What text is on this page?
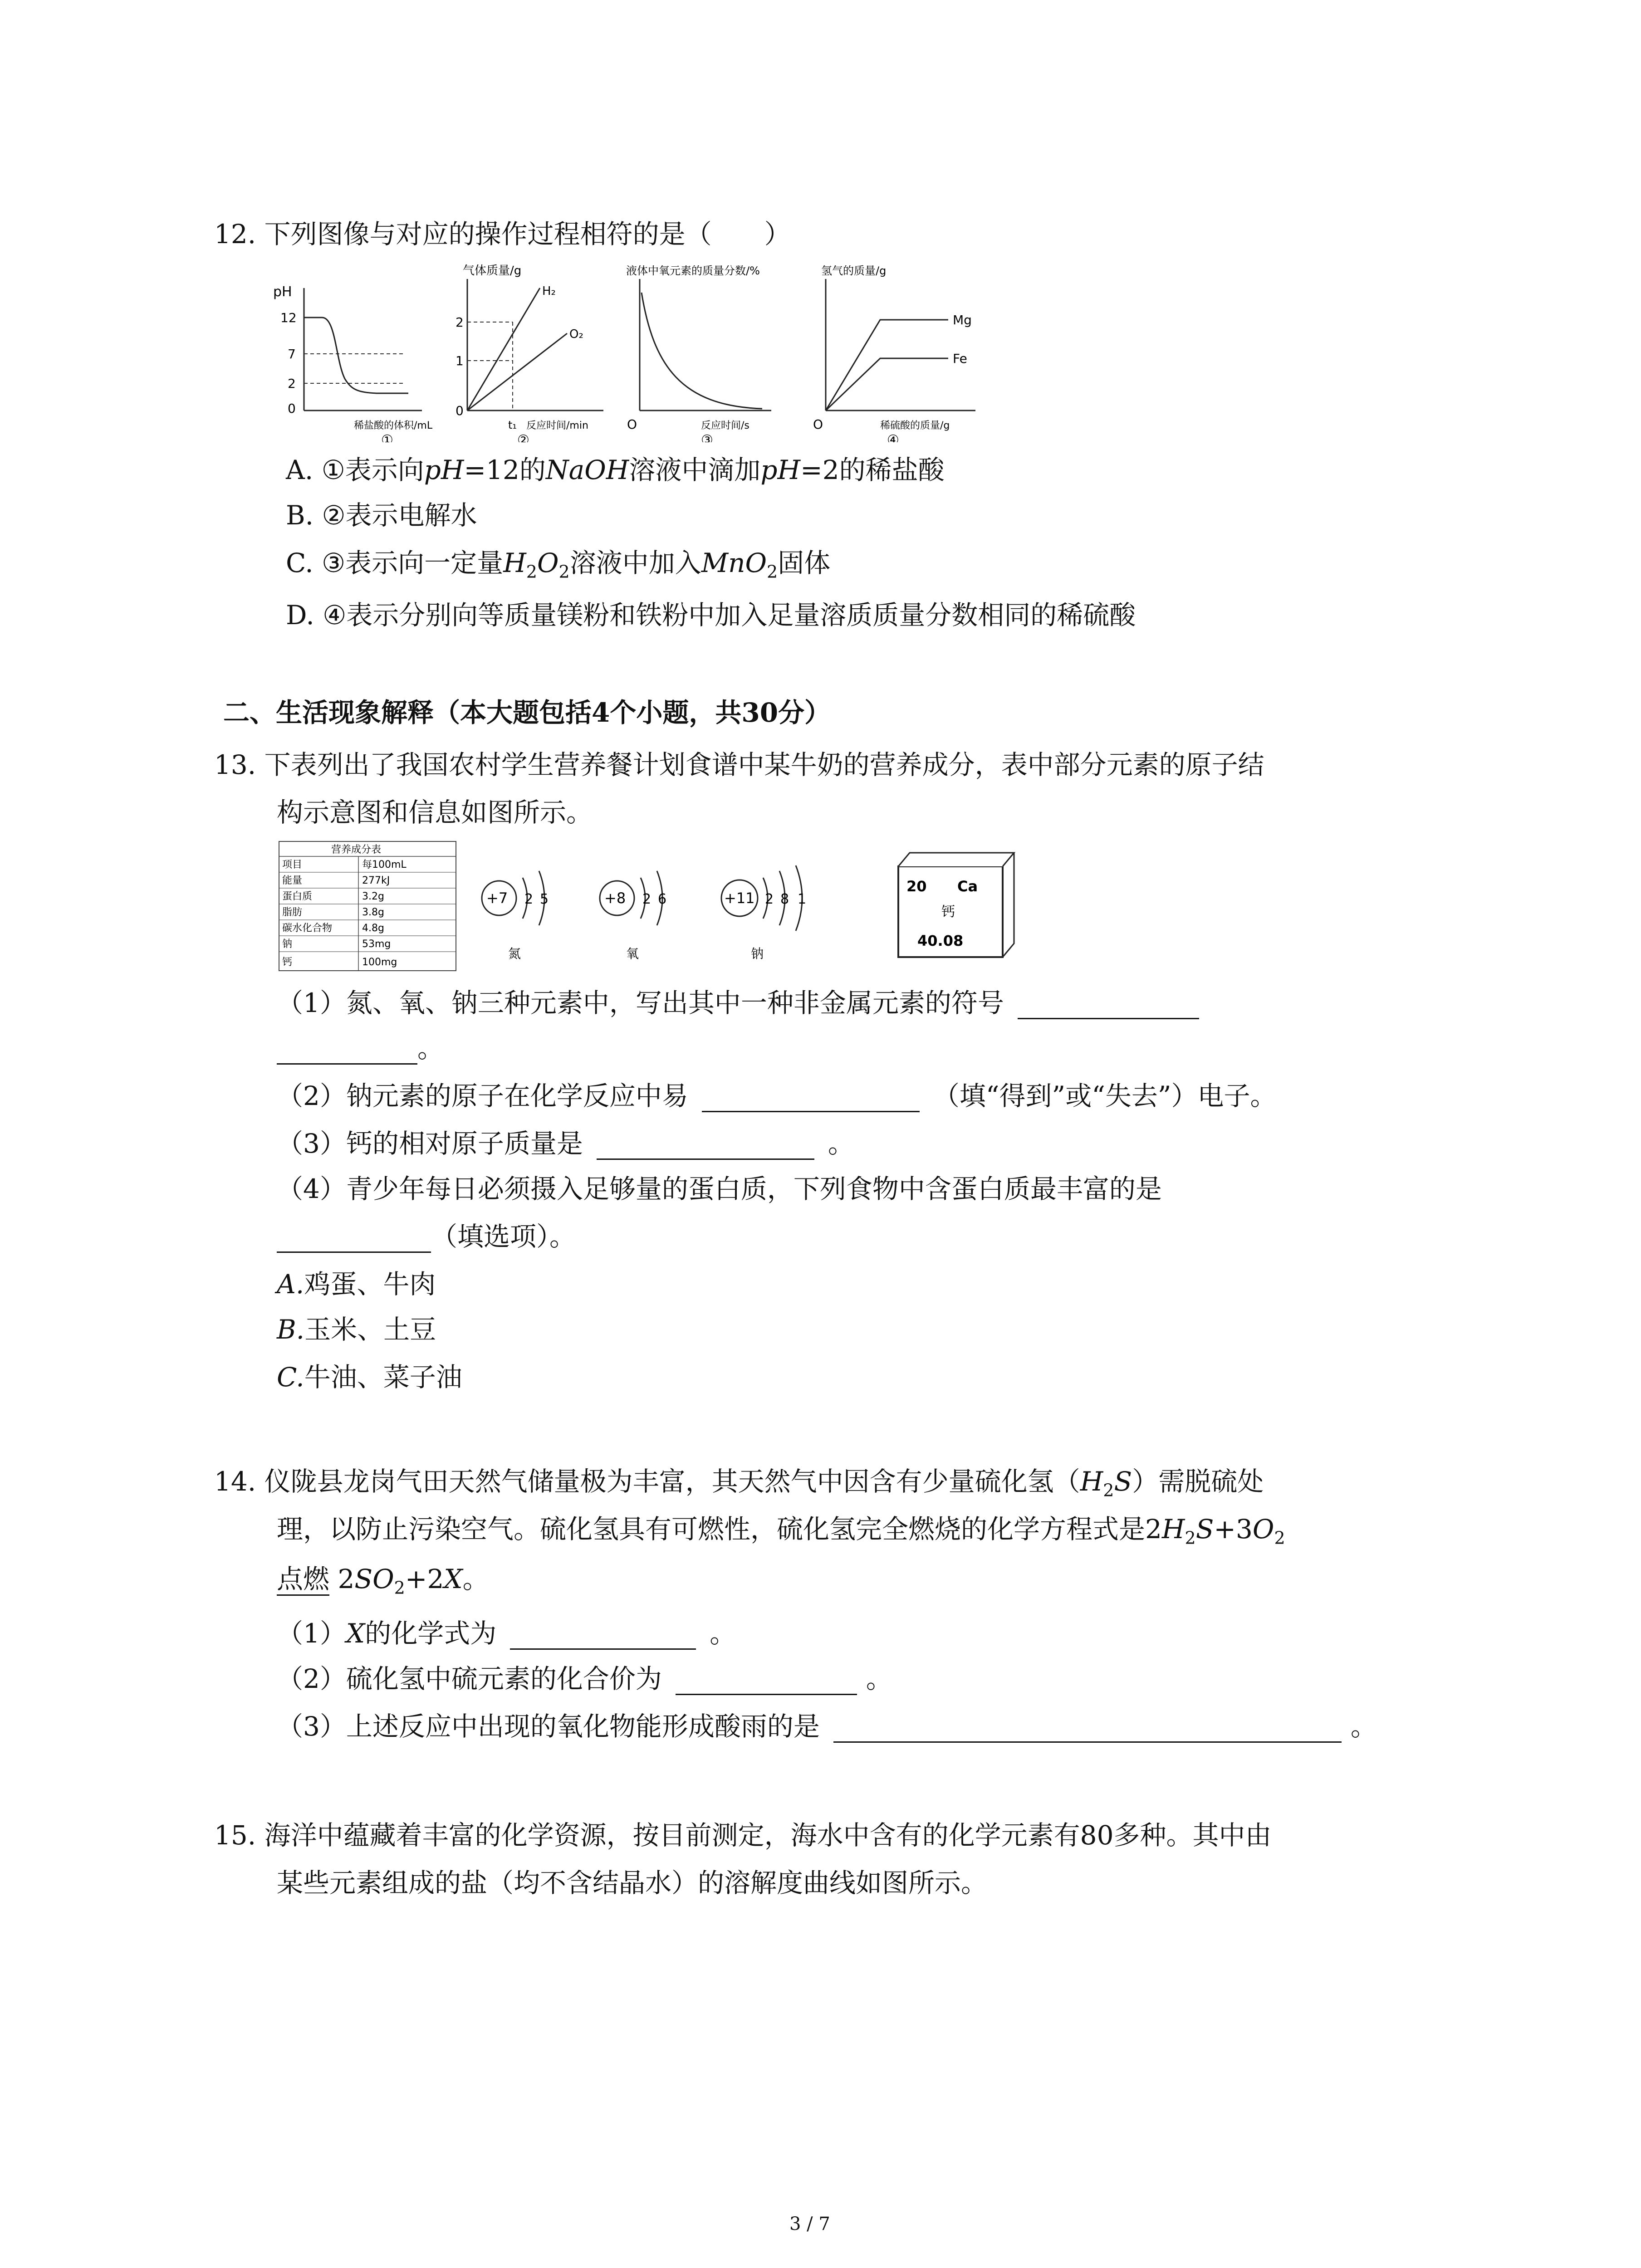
12. 下列图像与对应的操作过程相符的是（　　）
pH
12
7
2
0
稀盐酸的体积/mL
①
气体质量/g
2
1
0
H₂
O₂
t₁ 反应时间/min
②
液体中氧元素的质量分数/%
O	反应时间/s
③
氢气的质量/g
Mg
Fe
O	稀硫酸的质量/g
④
A. ①表示向pH=12的NaOH溶液中滴加pH=2的稀盐酸
B. ②表示电解水
C. ③表示向一定量$H_2O_2$溶液中加入MnO$_2$固体
D. ④表示分别向等质量镁粉和铁粉中加入足量溶质质量分数相同的稀硫酸
二、生活现象解释（本大题包括4个小题，共30分）
13. 下表列出了我国农村学生营养餐计划食谱中某牛奶的营养成分，表中部分元素的原子结
构示意图和信息如图所示。
营养成分表
项目	每100mL
能量	277kJ
蛋白质	3.2g
脂肪	3.8g
碳水化合物	4.8g
钠	53mg
钙	100mg
+7 2 5
氮
+8 2 6
氧
+11 2 8 1
钠
20 Ca
钙
40.08
（1）氮、氧、钠三种元素中，写出其中一种非金属元素的符号
。
（2）钠元素的原子在化学反应中易	（填“得到”或“失去”）电子。
（3）钙的相对原子质量是	。
（4）青少年每日必须摄入足够量的蛋白质，下列食物中含蛋白质最丰富的是
（填选项）。
A.鸡蛋、牛肉
B.玉米、土豆
C.牛油、菜子油
14. 仪陇县龙岗气田天然气储量极为丰富，其天然气中因含有少量硫化氢$(H_2S)$需脱硫处
理，以防止污染空气。硫化氢具有可燃性，硫化氢完全燃烧的化学方程式是$2H_2S+3O_2$
点燃 $2SO_2+2X$。
（1）X的化学式为	。
（2）硫化氢中硫元素的化合价为	。
（3）上述反应中出现的氧化物能形成酸雨的是	。
15. 海洋中蕴藏着丰富的化学资源，按目前测定，海水中含有的化学元素有80多种。其中由
某些元素组成的盐（均不含结晶水）的溶解度曲线如图所示。
3 / 7
